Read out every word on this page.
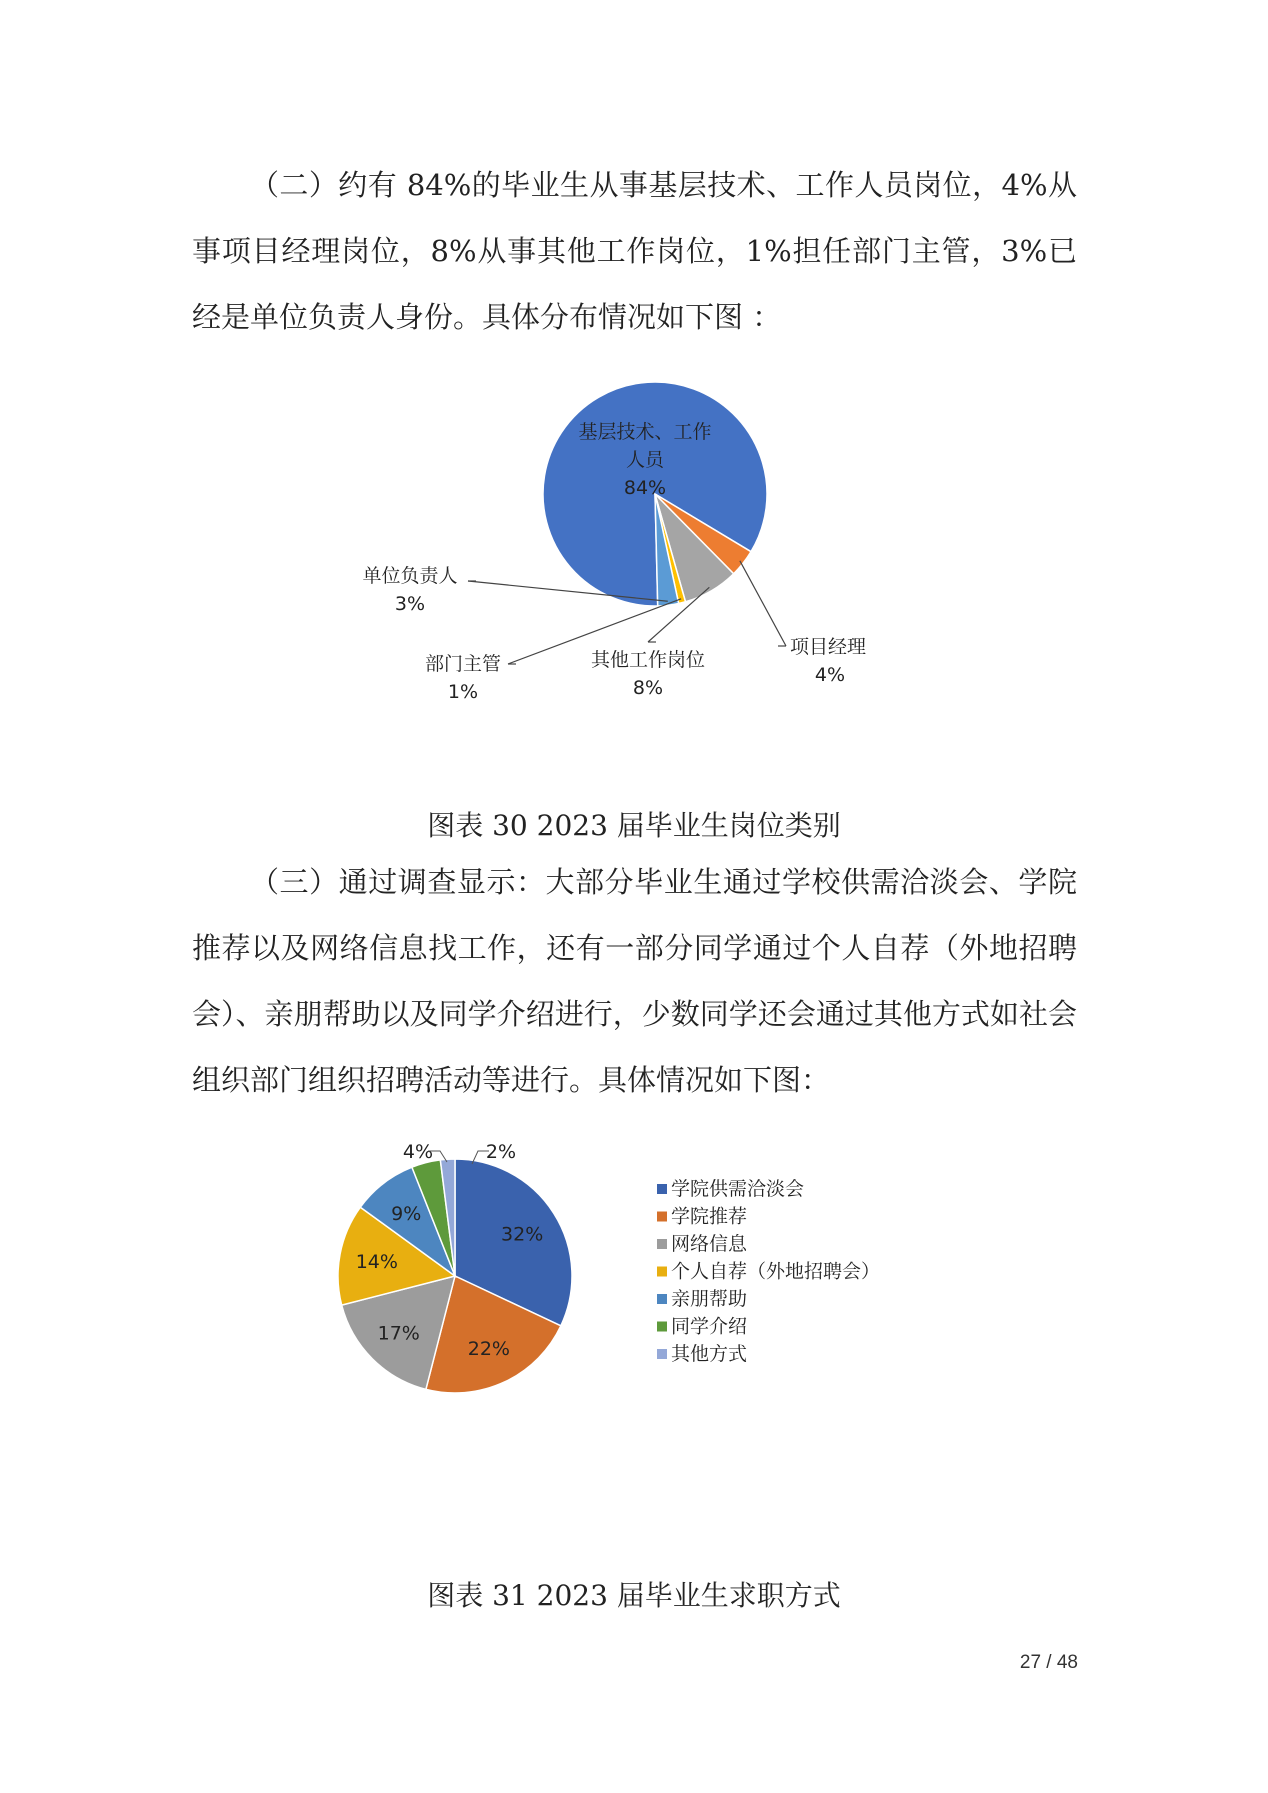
（二）约有 84%的毕业生从事基层技术、工作人员岗位，4%从事项目经理岗位，8%从事其他工作岗位，1%担任部门主管，3%已经是单位负责人身份。具体分布情况如下图 ：

基层技术、工作
人员
84%
项目经理
4%
其他工作岗位
8%
部门主管
1%
单位负责人
3%

图表 30 2023 届毕业生岗位类别

（三）通过调查显示：大部分毕业生通过学校供需洽淡会、学院推荐以及网络信息找工作，还有一部分同学通过个人自荐（外地招聘会）、亲朋帮助以及同学介绍进行，少数同学还会通过其他方式如社会组织部门组织招聘活动等进行。具体情况如下图：

32%
22%
17%
14%
9%
4%	2%
学院供需洽淡会
学院推荐
网络信息
个人自荐（外地招聘会）
亲朋帮助
同学介绍
其他方式

图表 31 2023 届毕业生求职方式

27 / 48
